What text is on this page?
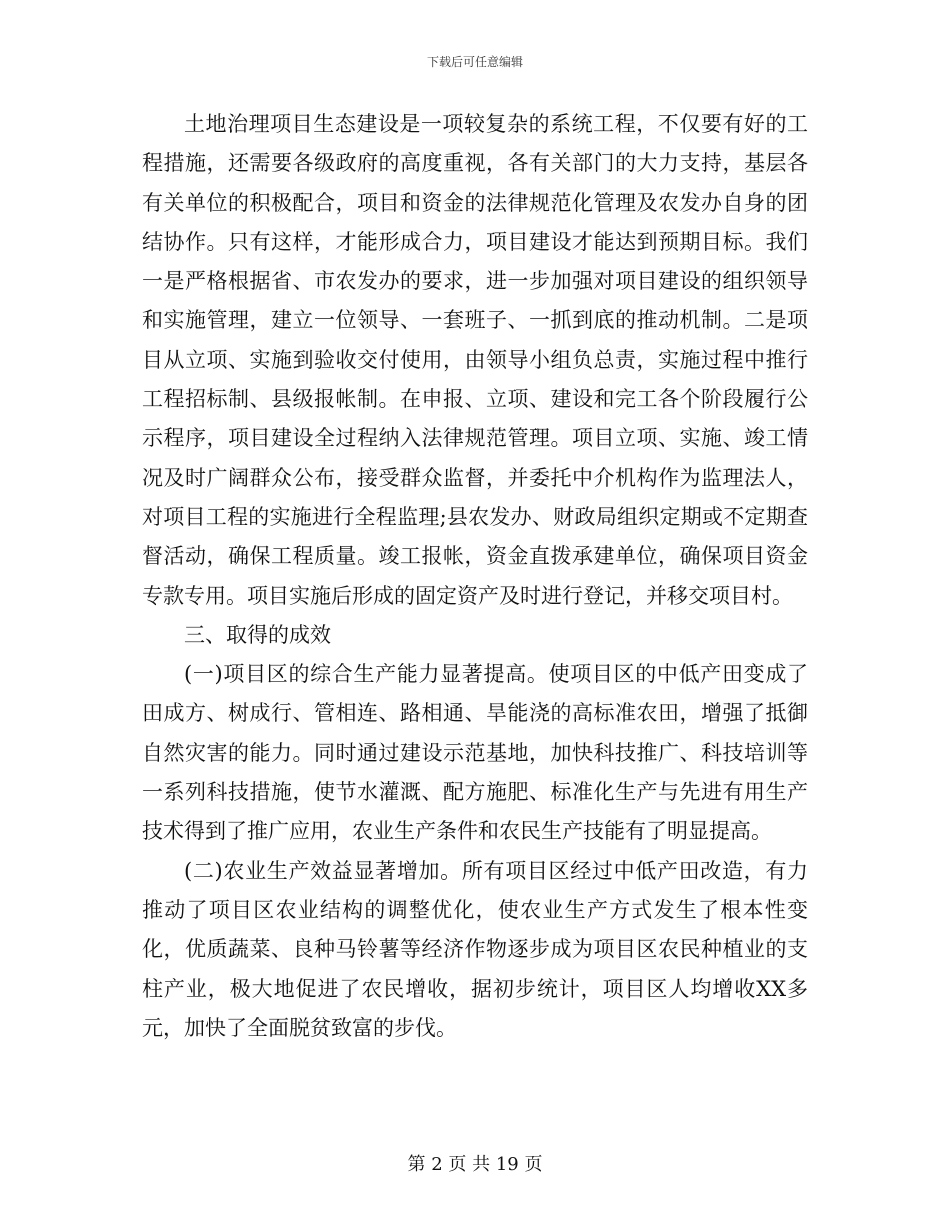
下载后可任意编辑

土地治理项目生态建设是一项较复杂的系统工程，不仅要有好的工程措施，还需要各级政府的高度重视，各有关部门的大力支持，基层各有关单位的积极配合，项目和资金的法律规范化管理及农发办自身的团结协作。只有这样，才能形成合力，项目建设才能达到预期目标。我们一是严格根据省、市农发办的要求，进一步加强对项目建设的组织领导和实施管理，建立一位领导、一套班子、一抓到底的推动机制。二是项目从立项、实施到验收交付使用，由领导小组负总责，实施过程中推行工程招标制、县级报帐制。在申报、立项、建设和完工各个阶段履行公示程序，项目建设全过程纳入法律规范管理。项目立项、实施、竣工情况及时广阔群众公布，接受群众监督，并委托中介机构作为监理法人，对项目工程的实施进行全程监理;县农发办、财政局组织定期或不定期查督活动，确保工程质量。竣工报帐，资金直拨承建单位，确保项目资金专款专用。项目实施后形成的固定资产及时进行登记，并移交项目村。

三、取得的成效

(一)项目区的综合生产能力显著提高。使项目区的中低产田变成了田成方、树成行、管相连、路相通、旱能浇的高标准农田，增强了抵御自然灾害的能力。同时通过建设示范基地，加快科技推广、科技培训等一系列科技措施，使节水灌溉、配方施肥、标准化生产与先进有用生产技术得到了推广应用，农业生产条件和农民生产技能有了明显提高。

(二)农业生产效益显著增加。所有项目区经过中低产田改造，有力推动了项目区农业结构的调整优化，使农业生产方式发生了根本性变化，优质蔬菜、良种马铃薯等经济作物逐步成为项目区农民种植业的支柱产业，极大地促进了农民增收，据初步统计，项目区人均增收XX多元，加快了全面脱贫致富的步伐。

第 2 页 共 19 页
